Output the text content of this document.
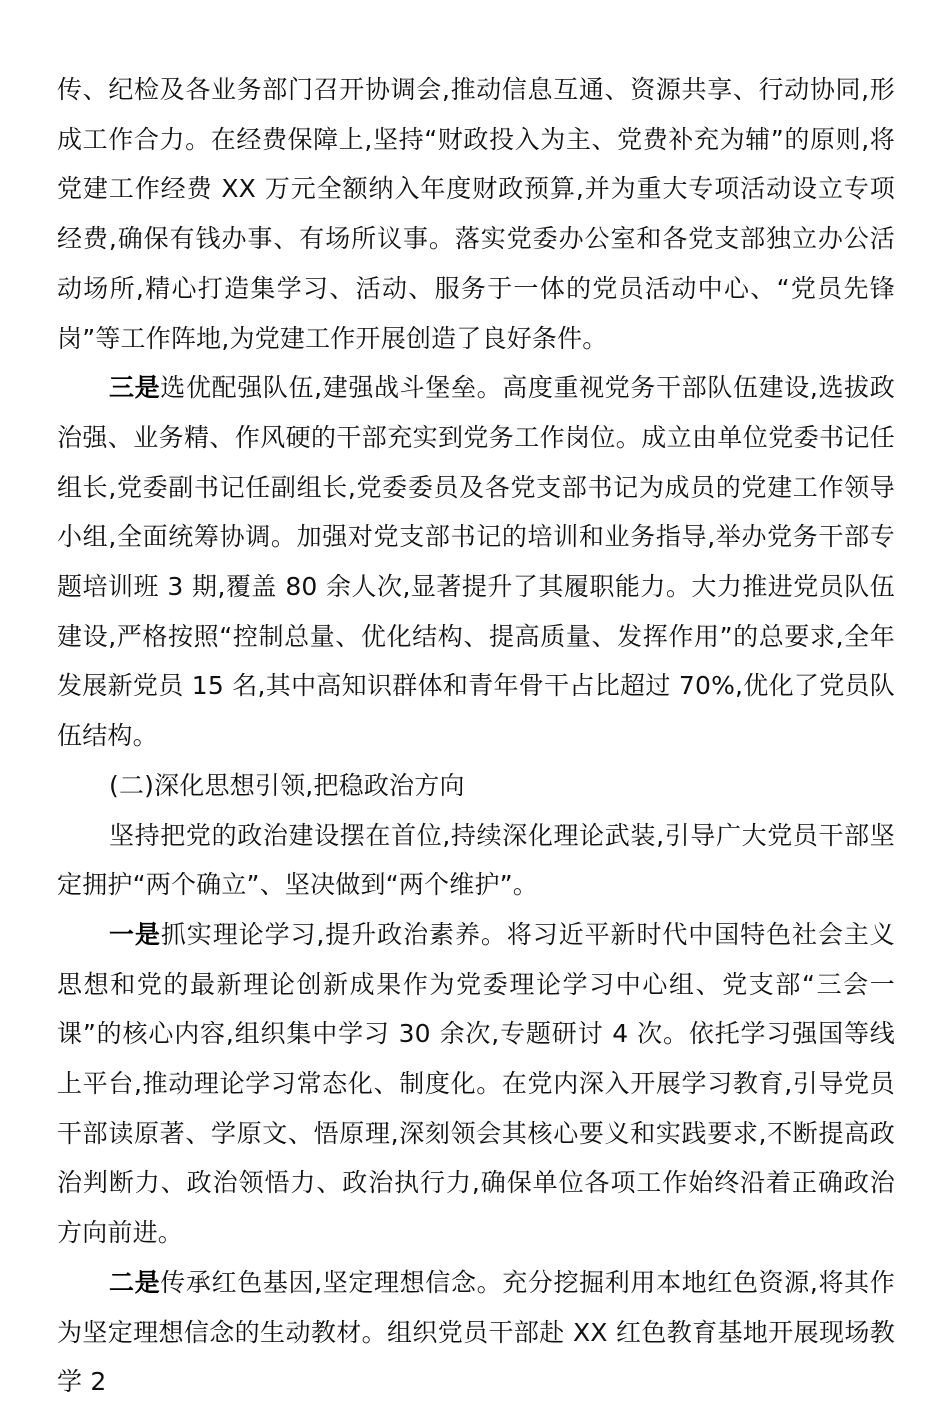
传、纪检及各业务部门召开协调会,推动信息互通、资源共享、行动协同,形成工作合力。在经费保障上,坚持“财政投入为主、党费补充为辅”的原则,将党建工作经费 XX 万元全额纳入年度财政预算,并为重大专项活动设立专项经费,确保有钱办事、有场所议事。落实党委办公室和各党支部独立办公活动场所,精心打造集学习、活动、服务于一体的党员活动中心、“党员先锋岗”等工作阵地,为党建工作开展创造了良好条件。

三是选优配强队伍,建强战斗堡垒。高度重视党务干部队伍建设,选拔政治强、业务精、作风硬的干部充实到党务工作岗位。成立由单位党委书记任组长,党委副书记任副组长,党委委员及各党支部书记为成员的党建工作领导小组,全面统筹协调。加强对党支部书记的培训和业务指导,举办党务干部专题培训班 3 期,覆盖 80 余人次,显著提升了其履职能力。大力推进党员队伍建设,严格按照“控制总量、优化结构、提高质量、发挥作用”的总要求,全年发展新党员 15 名,其中高知识群体和青年骨干占比超过 70%,优化了党员队伍结构。

(二)深化思想引领,把稳政治方向

坚持把党的政治建设摆在首位,持续深化理论武装,引导广大党员干部坚定拥护“两个确立”、坚决做到“两个维护”。

一是抓实理论学习,提升政治素养。将习近平新时代中国特色社会主义思想和党的最新理论创新成果作为党委理论学习中心组、党支部“三会一课”的核心内容,组织集中学习 30 余次,专题研讨 4 次。依托学习强国等线上平台,推动理论学习常态化、制度化。在党内深入开展学习教育,引导党员干部读原著、学原文、悟原理,深刻领会其核心要义和实践要求,不断提高政治判断力、政治领悟力、政治执行力,确保单位各项工作始终沿着正确政治方向前进。

二是传承红色基因,坚定理想信念。充分挖掘利用本地红色资源,将其作为坚定理想信念的生动教材。组织党员干部赴 XX 红色教育基地开展现场教学 2
